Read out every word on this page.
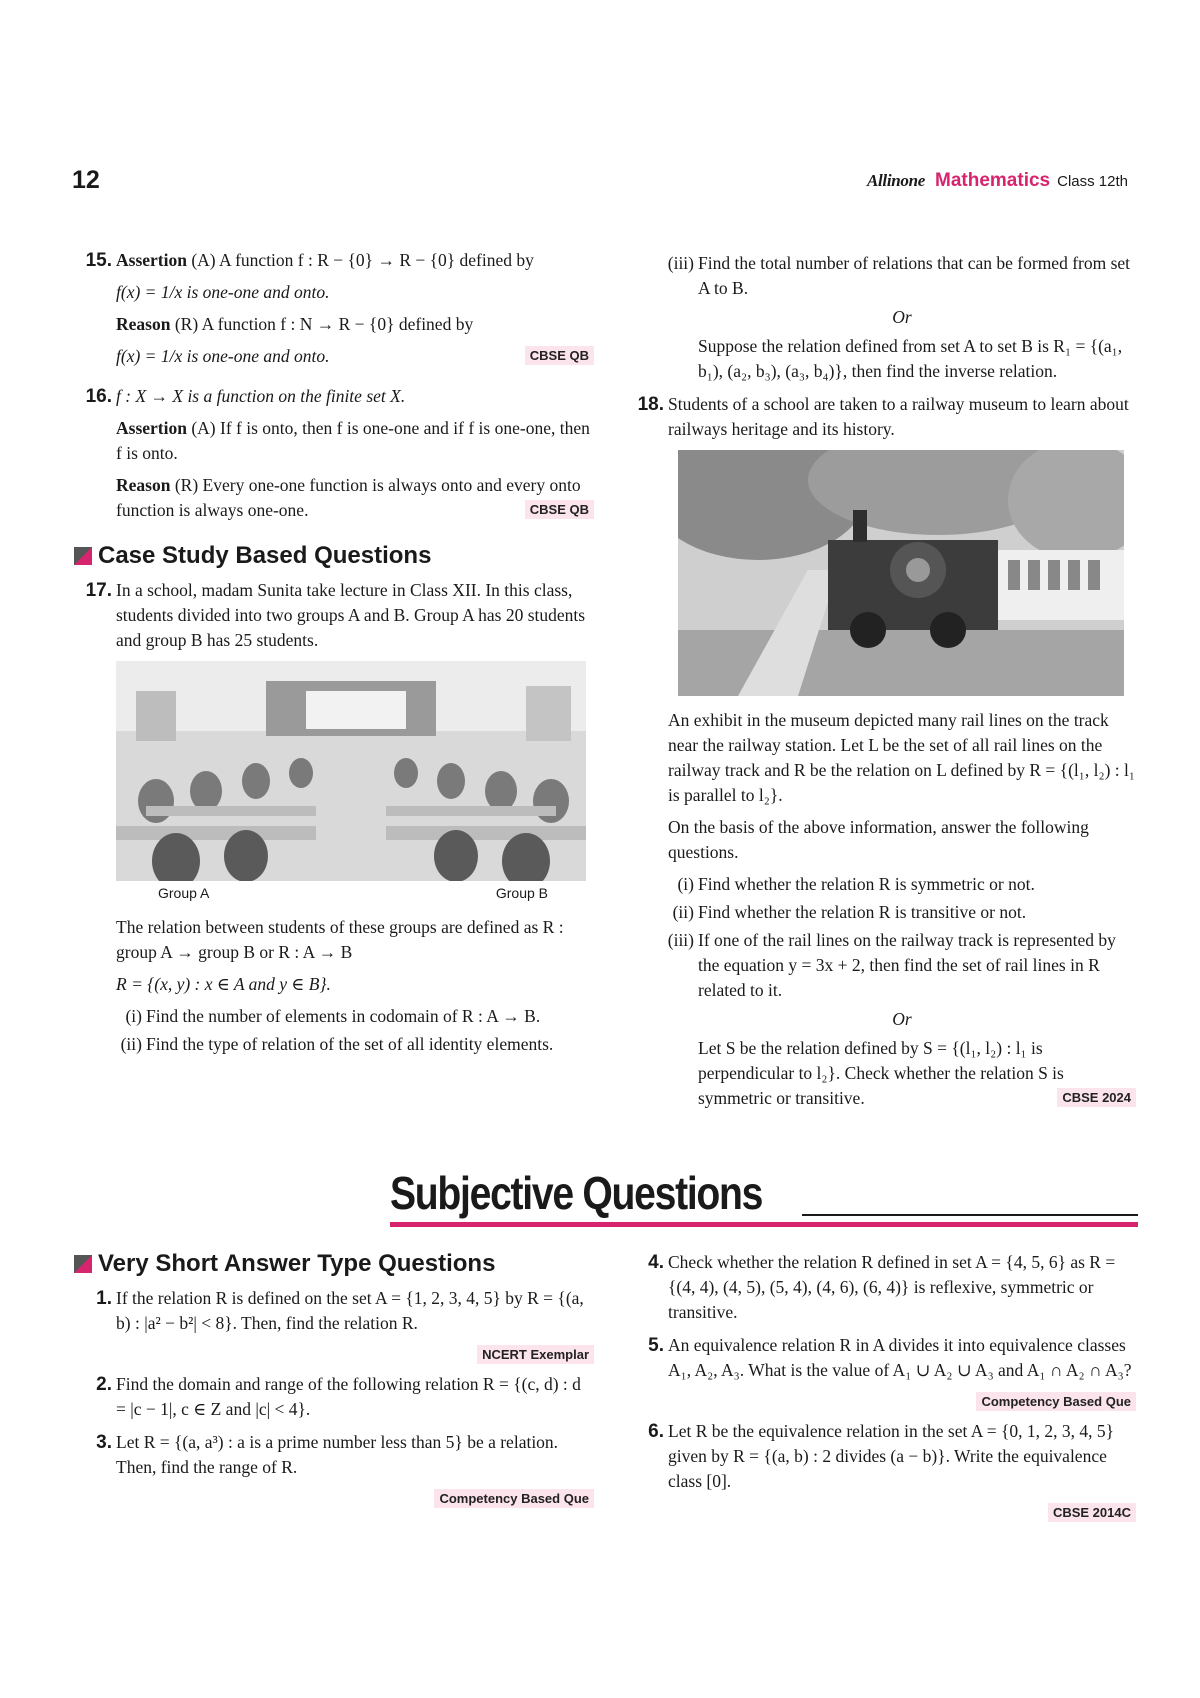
12	Allinone Mathematics Class 12th
15. Assertion (A) A function f : R − {0} → R − {0} defined by

f(x) = 1/x is one-one and onto.

Reason (R) A function f : N → R − {0} defined by

f(x) = 1/x is one-one and onto.	CBSE QB

16. f : X → X is a function on the finite set X.

Assertion (A) If f is onto, then f is one-one and if f is one-one, then f is onto.

Reason (R) Every one-one function is always onto and every onto function is always one-one.	CBSE QB

Case Study Based Questions
17. In a school, madam Sunita take lecture in Class XII. In this class, students divided into two groups A and B. Group A has 20 students and group B has 25 students.

Group A	Group B

The relation between students of these groups are defined as R : group A → group B or R : A → B

R = {(x, y) : x ∈ A and y ∈ B}.

(i) Find the number of elements in codomain of R : A → B.
(ii) Find the type of relation of the set of all identity elements.
(iii) Find the total number of relations that can be formed from set A to B.
Or
Suppose the relation defined from set A to set B is R₁ = {(a₁, b₁), (a₂, b₃), (a₃, b₄)}, then find the inverse relation.
18. Students of a school are taken to a railway museum to learn about railways heritage and its history.

An exhibit in the museum depicted many rail lines on the track near the railway station. Let L be the set of all rail lines on the railway track and R be the relation on L defined by R = {(l₁, l₂) : l₁ is parallel to l₂}.

On the basis of the above information, answer the following questions.

(i) Find whether the relation R is symmetric or not.
(ii) Find whether the relation R is transitive or not.
(iii) If one of the rail lines on the railway track is represented by the equation y = 3x + 2, then find the set of rail lines in R related to it.
Or
Let S be the relation defined by S = {(l₁, l₂) : l₁ is perpendicular to l₂}. Check whether the relation S is symmetric or transitive.	CBSE 2024
Subjective Questions
Very Short Answer Type Questions
1. If the relation R is defined on the set A = {1, 2, 3, 4, 5} by R = {(a, b) : |a² − b²| < 8}. Then, find the relation R.

NCERT Exemplar
2. Find the domain and range of the following relation R = {(c, d) : d = |c − 1|, c ∈ Z and |c| < 4}.

3. Let R = {(a, a³) : a is a prime number less than 5} be a relation. Then, find the range of R.

Competency Based Que
4. Check whether the relation R defined in set A = {4, 5, 6} as R = {(4, 4), (4, 5), (5, 4), (4, 6), (6, 4)} is reflexive, symmetric or transitive.

5. An equivalence relation R in A divides it into equivalence classes A₁, A₂, A₃. What is the value of A₁ ∪ A₂ ∪ A₃ and A₁ ∩ A₂ ∩ A₃?

Competency Based Que
6. Let R be the equivalence relation in the set A = {0, 1, 2, 3, 4, 5} given by R = {(a, b) : 2 divides (a − b)}. Write the equivalence class [0].

CBSE 2014C
